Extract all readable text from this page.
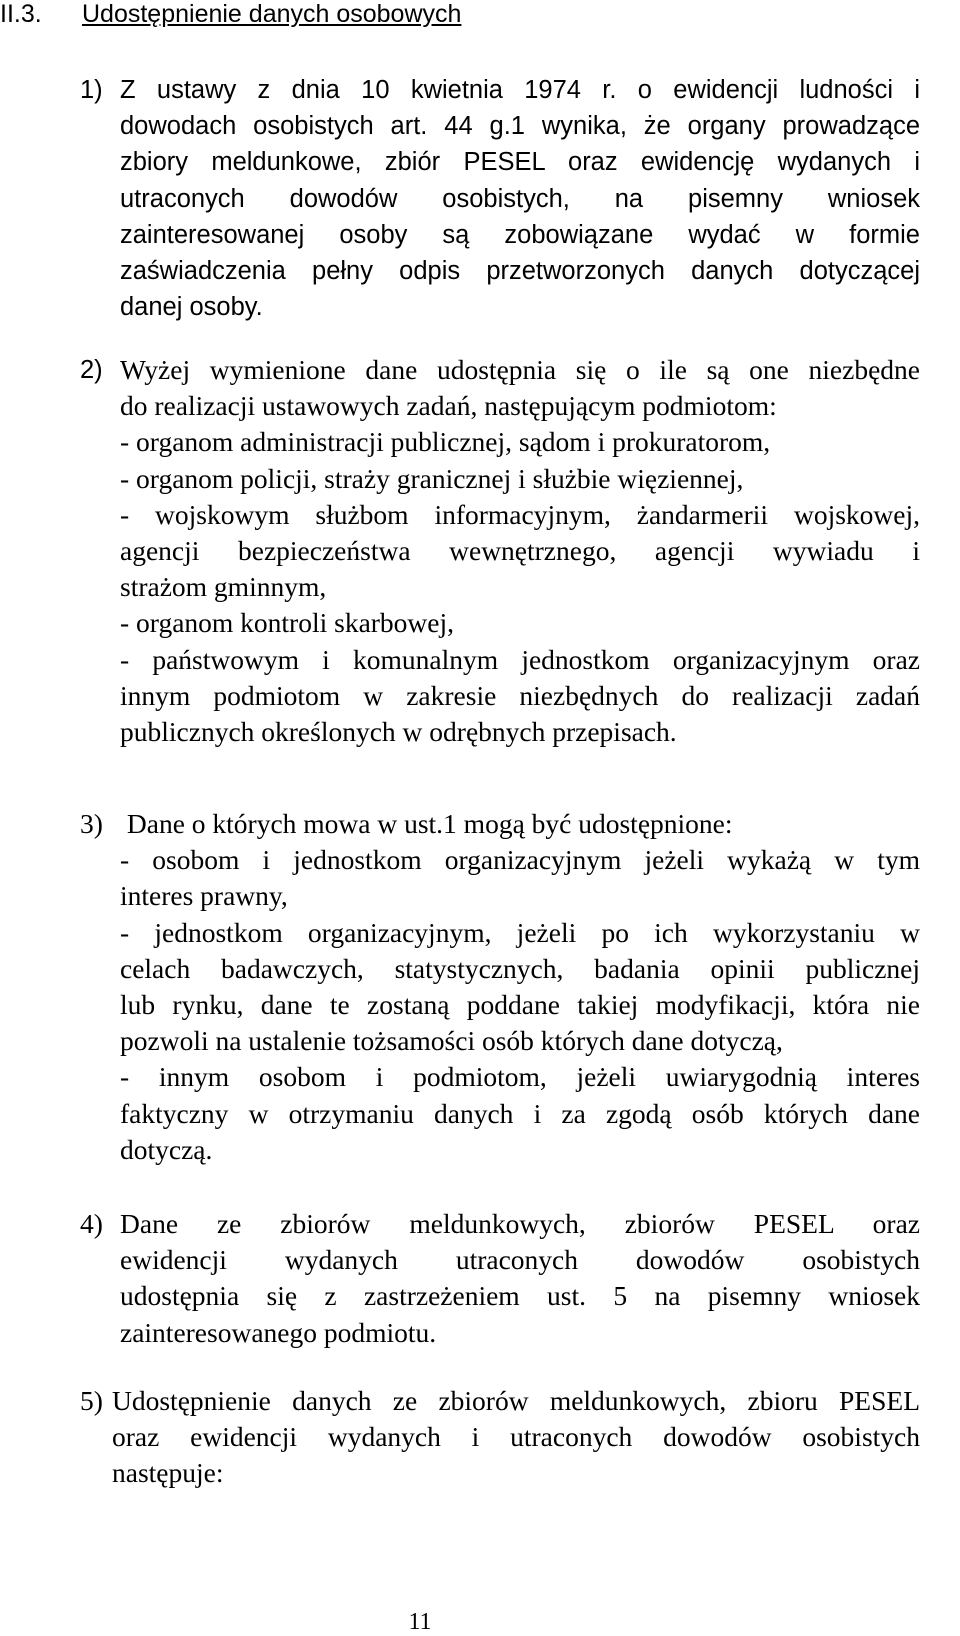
II.3. Udostępnienie danych osobowych
1) Z ustawy z dnia 10 kwietnia 1974 r. o ewidencji ludności i

dowodach osobistych art. 44 g.1 wynika, że organy prowadzące

zbiory meldunkowe, zbiór PESEL oraz ewidencję wydanych i

utraconych dowodów osobistych, na pisemny wniosek

zainteresowanej osoby są zobowiązane wydać w formie

zaświadczenia pełny odpis przetworzonych danych dotyczącej

danej osoby.

2) Wyżej wymienione dane udostępnia się o ile są one niezbędne

do realizacji ustawowych zadań, następującym podmiotom:

- organom administracji publicznej, sądom i prokuratorom,

- organom policji, straży granicznej i służbie więziennej,

- wojskowym służbom informacyjnym, żandarmerii wojskowej,

agencji bezpieczeństwa wewnętrznego, agencji wywiadu i

strażom gminnym,

- organom kontroli skarbowej,

- państwowym i komunalnym jednostkom organizacyjnym oraz

innym podmiotom w zakresie niezbędnych do realizacji zadań

publicznych określonych w odrębnych przepisach.

3) Dane o których mowa w ust.1 mogą być udostępnione:

- osobom i jednostkom organizacyjnym jeżeli wykażą w tym

interes prawny,

- jednostkom organizacyjnym, jeżeli po ich wykorzystaniu w

celach badawczych, statystycznych, badania opinii publicznej

lub rynku, dane te zostaną poddane takiej modyfikacji, która nie

pozwoli na ustalenie tożsamości osób których dane dotyczą,

- innym osobom i podmiotom, jeżeli uwiarygodnią interes

faktyczny w otrzymaniu danych i za zgodą osób których dane

dotyczą.

4) Dane ze zbiorów meldunkowych, zbiorów PESEL oraz

ewidencji wydanych utraconych dowodów osobistych

udostępnia się z zastrzeżeniem ust. 5 na pisemny wniosek

zainteresowanego podmiotu.

5) Udostępnienie danych ze zbiorów meldunkowych, zbioru PESEL

oraz ewidencji wydanych i utraconych dowodów osobistych

następuje:

11
